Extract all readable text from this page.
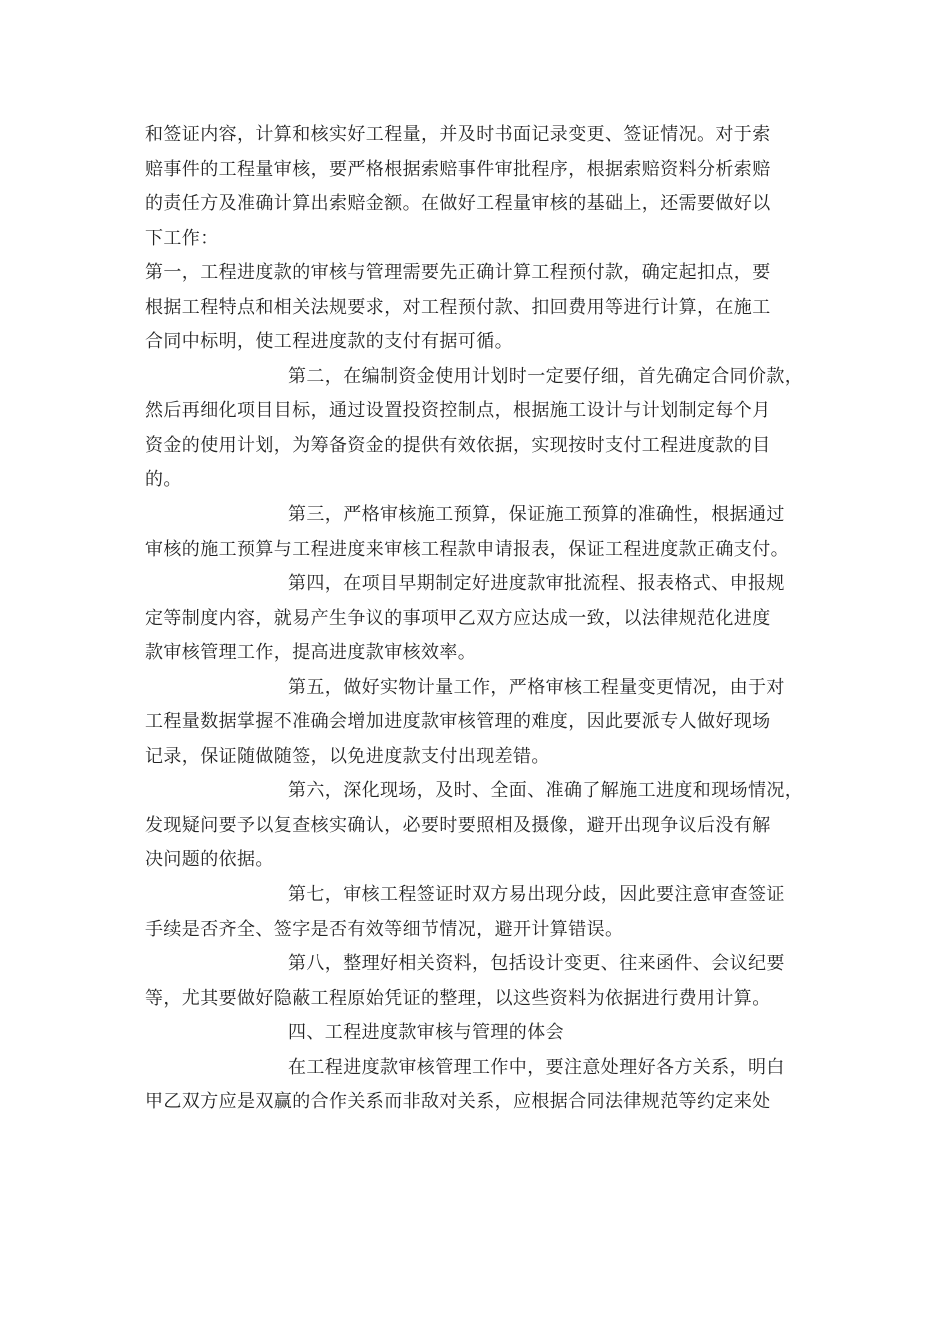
和签证内容，计算和核实好工程量，并及时书面记录变更、签证情况。对于索
赔事件的工程量审核，要严格根据索赔事件审批程序，根据索赔资料分析索赔
的责任方及准确计算出索赔金额。在做好工程量审核的基础上，还需要做好以
下工作：
第一，工程进度款的审核与管理需要先正确计算工程预付款，确定起扣点，要
根据工程特点和相关法规要求，对工程预付款、扣回费用等进行计算，在施工
合同中标明，使工程进度款的支付有据可循。
第二，在编制资金使用计划时一定要仔细，首先确定合同价款，
然后再细化项目目标，通过设置投资控制点，根据施工设计与计划制定每个月
资金的使用计划，为筹备资金的提供有效依据，实现按时支付工程进度款的目
的。
第三，严格审核施工预算，保证施工预算的准确性，根据通过
审核的施工预算与工程进度来审核工程款申请报表，保证工程进度款正确支付。
第四，在项目早期制定好进度款审批流程、报表格式、申报规
定等制度内容，就易产生争议的事项甲乙双方应达成一致，以法律规范化进度
款审核管理工作，提高进度款审核效率。
第五，做好实物计量工作，严格审核工程量变更情况，由于对
工程量数据掌握不准确会增加进度款审核管理的难度，因此要派专人做好现场
记录，保证随做随签，以免进度款支付出现差错。
第六，深化现场，及时、全面、准确了解施工进度和现场情况，
发现疑问要予以复查核实确认，必要时要照相及摄像，避开出现争议后没有解
决问题的依据。
第七，审核工程签证时双方易出现分歧，因此要注意审查签证
手续是否齐全、签字是否有效等细节情况，避开计算错误。
第八，整理好相关资料，包括设计变更、往来函件、会议纪要
等，尤其要做好隐蔽工程原始凭证的整理，以这些资料为依据进行费用计算。
四、工程进度款审核与管理的体会
在工程进度款审核管理工作中，要注意处理好各方关系，明白
甲乙双方应是双赢的合作关系而非敌对关系，应根据合同法律规范等约定来处
